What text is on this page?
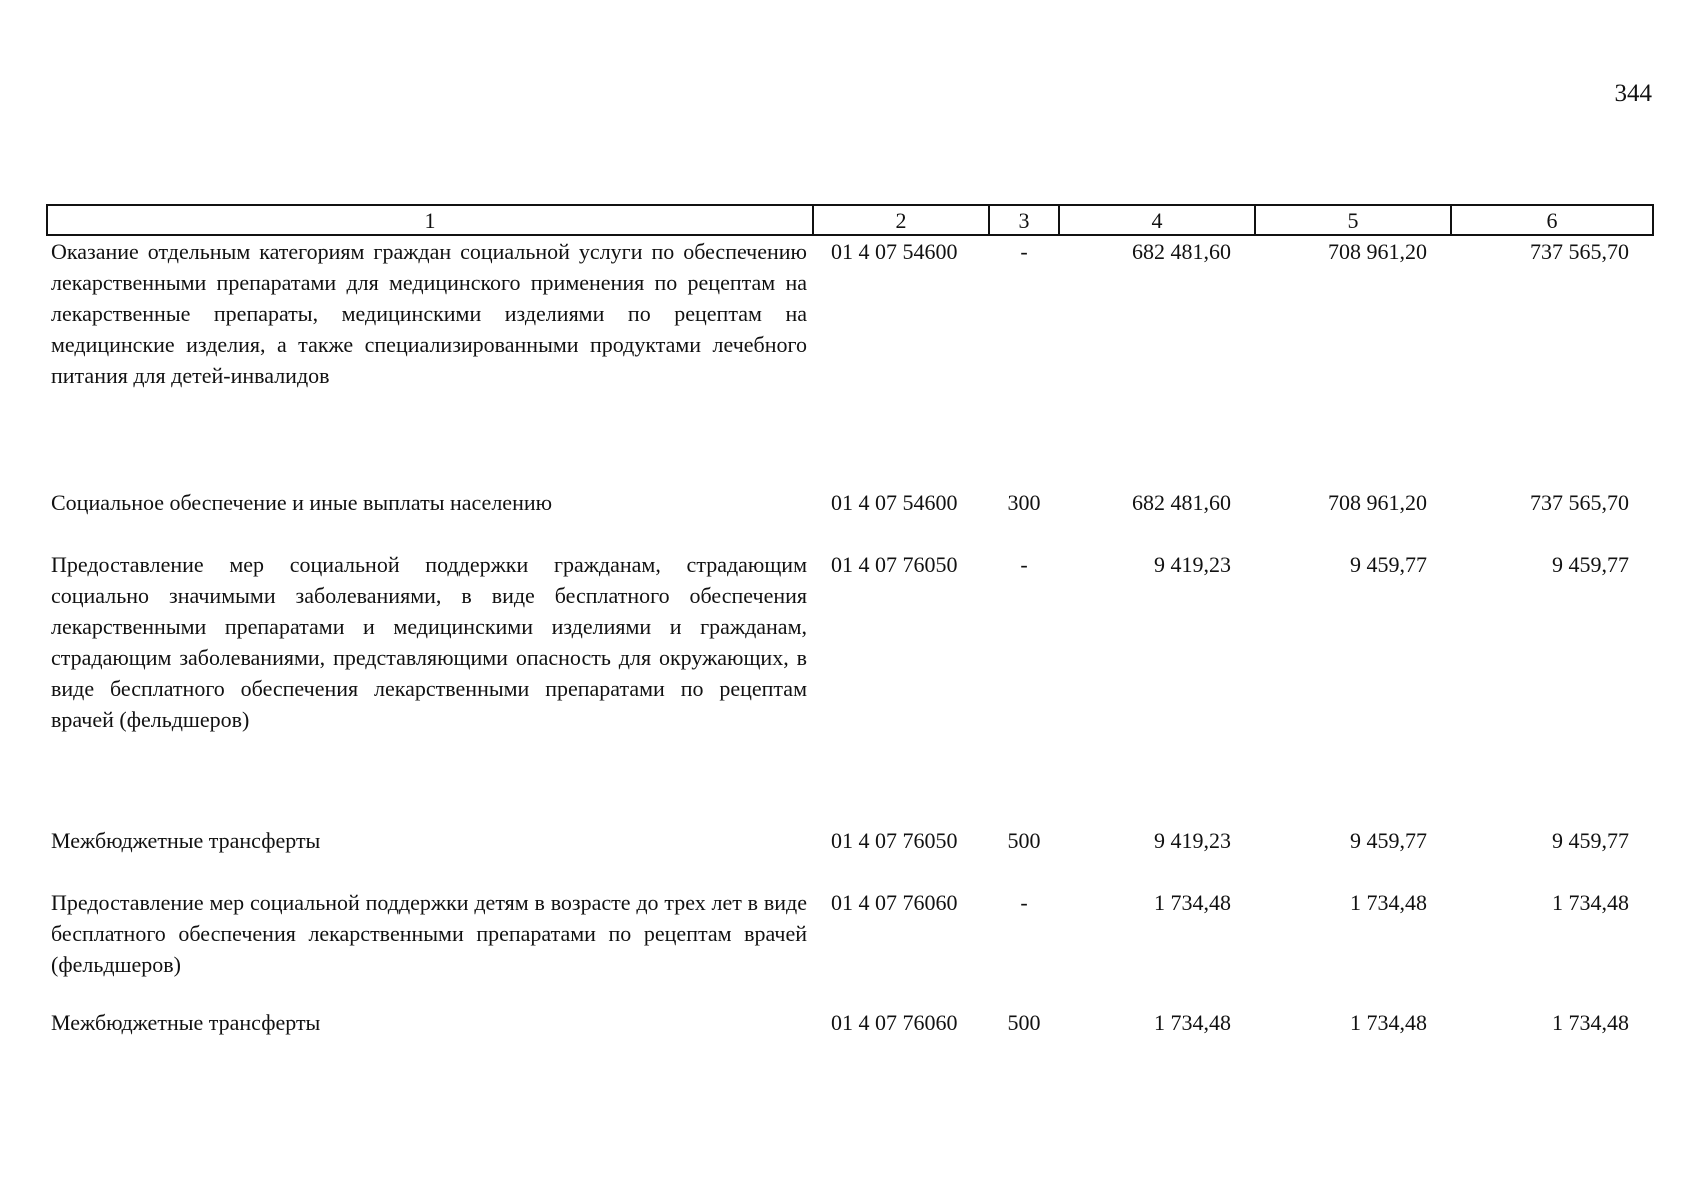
344
1	2	3	4	5	6
Оказание отдельным категориям граждан социальной услуги по обеспечению лекарственными препаратами для медицинского применения по рецептам на лекарственные препараты, медицинскими изделиями по рецептам на медицинские изделия, а также специализированными продуктами лечебного питания для детей-инвалидов	01 4 07 54600	-	682 481,60	708 961,20	737 565,70
Социальное обеспечение и иные выплаты населению	01 4 07 54600	300	682 481,60	708 961,20	737 565,70
Предоставление мер социальной поддержки гражданам, страдающим социально значимыми заболеваниями, в виде бесплатного обеспечения лекарственными препаратами и медицинскими изделиями и гражданам, страдающим заболеваниями, представляющими опасность для окружающих, в виде бесплатного обеспечения лекарственными препаратами по рецептам врачей (фельдшеров)	01 4 07 76050	-	9 419,23	9 459,77	9 459,77
Межбюджетные трансферты	01 4 07 76050	500	9 419,23	9 459,77	9 459,77
Предоставление мер социальной поддержки детям в возрасте до трех лет в виде бесплатного обеспечения лекарственными препаратами по рецептам врачей (фельдшеров)	01 4 07 76060	-	1 734,48	1 734,48	1 734,48
Межбюджетные трансферты	01 4 07 76060	500	1 734,48	1 734,48	1 734,48
